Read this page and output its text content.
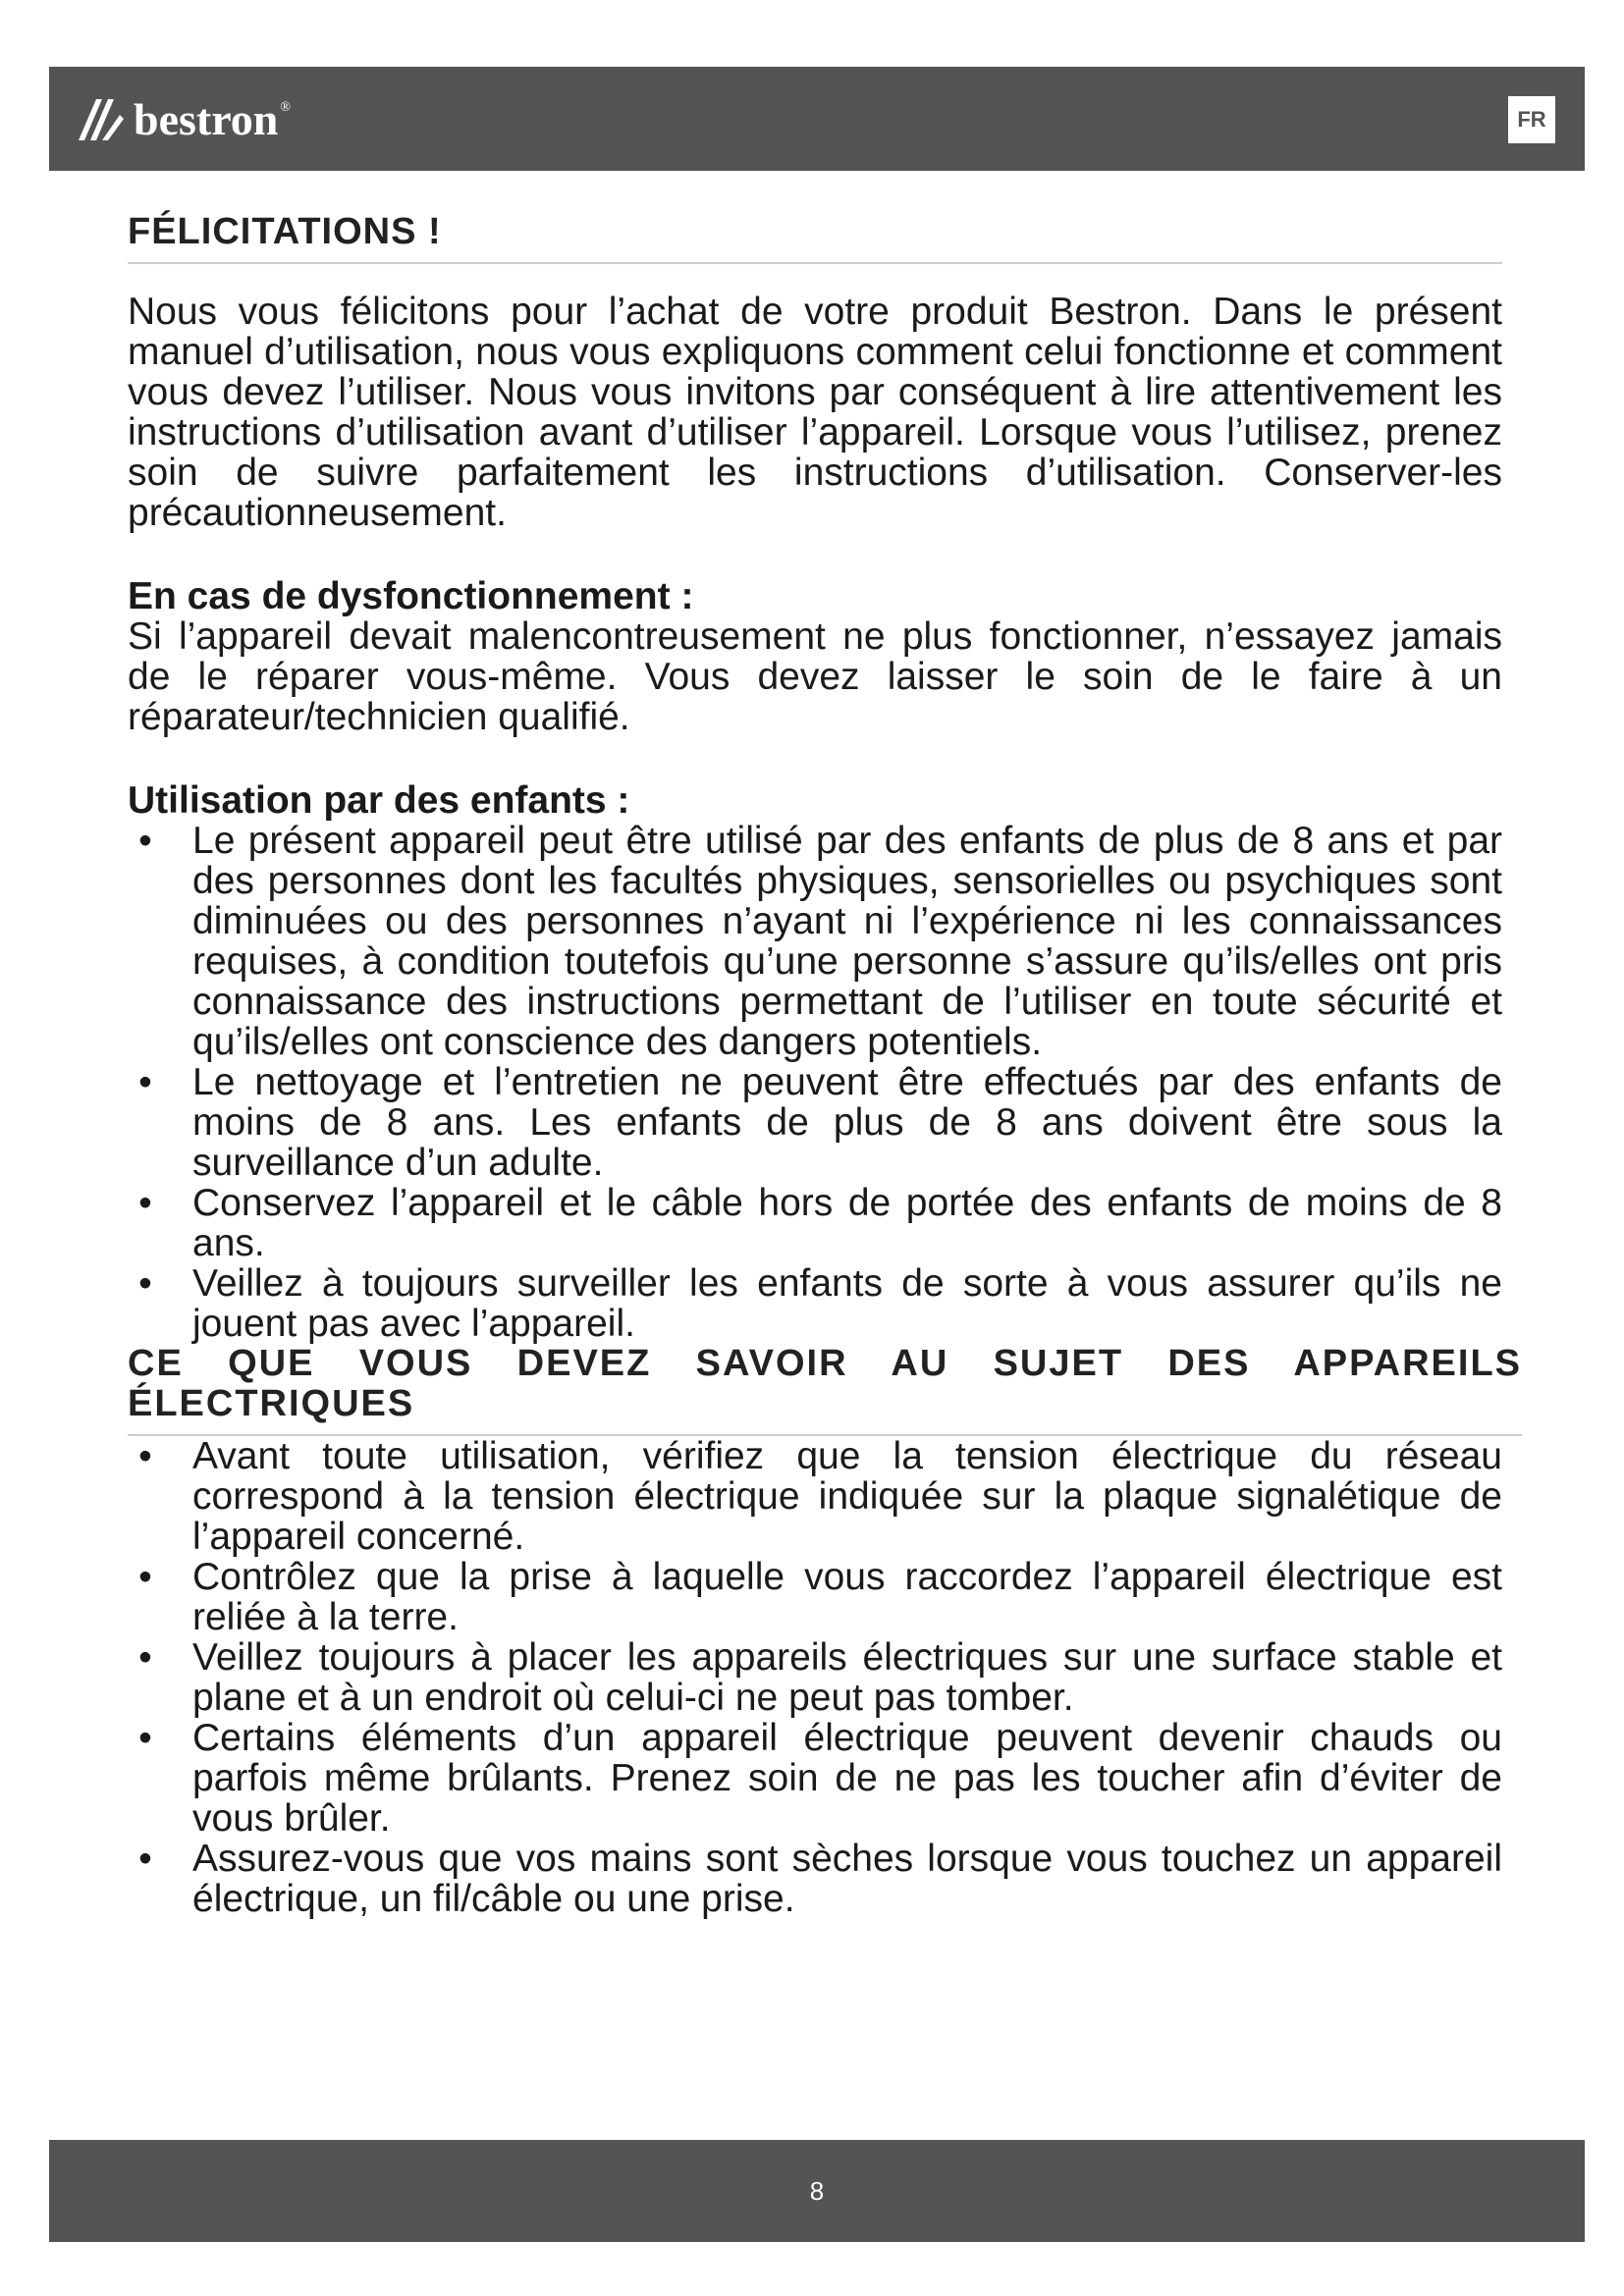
bestron ®	FR
FÉLICITATIONS !

Nous vous félicitons pour l’achat de votre produit Bestron. Dans le présent manuel d’utilisation, nous vous expliquons comment celui fonctionne et comment vous devez l’utiliser. Nous vous invitons par conséquent à lire attentivement les instructions d’utilisation avant d’utiliser l’appareil. Lorsque vous l’utilisez, prenez soin de suivre parfaitement les instructions d’utilisation. Conserver-les précautionneusement.

En cas de dysfonctionnement :

Si l’appareil devait malencontreusement ne plus fonctionner, n’essayez jamais de le réparer vous-même. Vous devez laisser le soin de le faire à un réparateur/technicien qualifié.

Utilisation par des enfants :
• Le présent appareil peut être utilisé par des enfants de plus de 8 ans et par des personnes dont les facultés physiques, sensorielles ou psychiques sont diminuées ou des personnes n’ayant ni l’expérience ni les connaissances requises, à condition toutefois qu’une personne s’assure qu’ils/elles ont pris connaissance des instructions permettant de l’utiliser en toute sécurité et qu’ils/elles ont conscience des dangers potentiels.
• Le nettoyage et l’entretien ne peuvent être effectués par des enfants de moins de 8 ans. Les enfants de plus de 8 ans doivent être sous la surveillance d’un adulte.
• Conservez l’appareil et le câble hors de portée des enfants de moins de 8 ans.
• Veillez à toujours surveiller les enfants de sorte à vous assurer qu’ils ne jouent pas avec l’appareil.
CE QUE VOUS DEVEZ SAVOIR AU SUJET DES APPAREILS ÉLECTRIQUES
• Avant toute utilisation, vérifiez que la tension électrique du réseau correspond à la tension électrique indiquée sur la plaque signalétique de l’appareil concerné.
• Contrôlez que la prise à laquelle vous raccordez l’appareil électrique est reliée à la terre.
• Veillez toujours à placer les appareils électriques sur une surface stable et plane et à un endroit où celui-ci ne peut pas tomber.
• Certains éléments d’un appareil électrique peuvent devenir chauds ou parfois même brûlants. Prenez soin de ne pas les toucher afin d’éviter de vous brûler.
• Assurez-vous que vos mains sont sèches lorsque vous touchez un appareil électrique, un fil/câble ou une prise.
8
